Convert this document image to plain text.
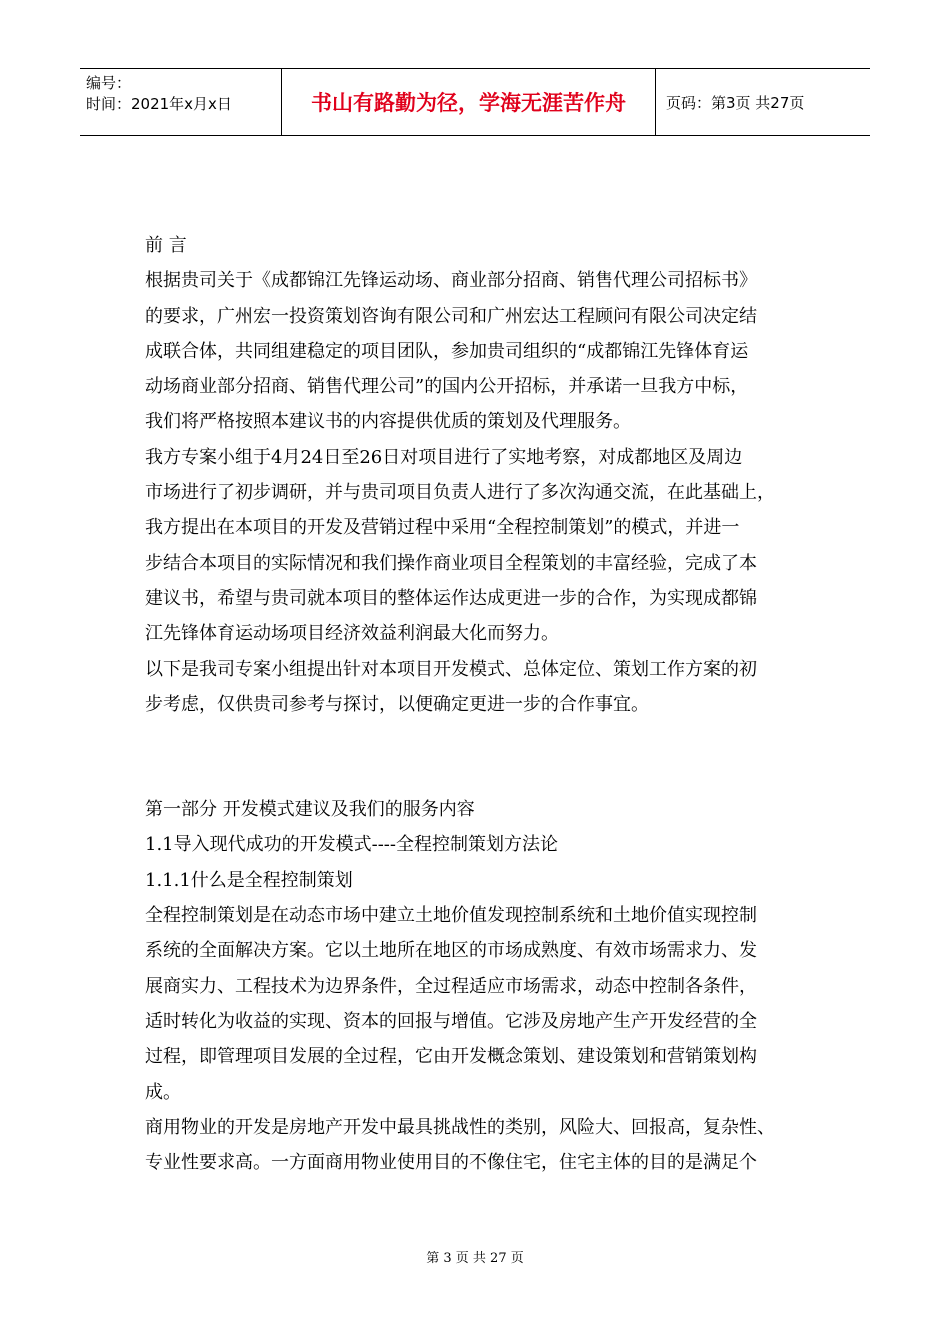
编号：
时间：2021年x月x日	书山有路勤为径，学海无涯苦作舟	页码：第3页 共27页

前 言

根据贵司关于《成都锦江先锋运动场、商业部分招商、销售代理公司招标书》

的要求，广州宏一投资策划咨询有限公司和广州宏达工程顾问有限公司决定结

成联合体，共同组建稳定的项目团队，参加贵司组织的“成都锦江先锋体育运

动场商业部分招商、销售代理公司”的国内公开招标，并承诺一旦我方中标，

我们将严格按照本建议书的内容提供优质的策划及代理服务。

我方专案小组于4月24日至26日对项目进行了实地考察，对成都地区及周边

市场进行了初步调研，并与贵司项目负责人进行了多次沟通交流，在此基础上，

我方提出在本项目的开发及营销过程中采用“全程控制策划”的模式，并进一

步结合本项目的实际情况和我们操作商业项目全程策划的丰富经验，完成了本

建议书，希望与贵司就本项目的整体运作达成更进一步的合作，为实现成都锦

江先锋体育运动场项目经济效益利润最大化而努力。

以下是我司专案小组提出针对本项目开发模式、总体定位、策划工作方案的初

步考虑，仅供贵司参考与探讨，以便确定更进一步的合作事宜。

第一部分 开发模式建议及我们的服务内容

1.1导入现代成功的开发模式----全程控制策划方法论

1.1.1什么是全程控制策划

全程控制策划是在动态市场中建立土地价值发现控制系统和土地价值实现控制

系统的全面解决方案。它以土地所在地区的市场成熟度、有效市场需求力、发

展商实力、工程技术为边界条件，全过程适应市场需求，动态中控制各条件，

适时转化为收益的实现、资本的回报与增值。它涉及房地产生产开发经营的全

过程，即管理项目发展的全过程，它由开发概念策划、建设策划和营销策划构

成。

商用物业的开发是房地产开发中最具挑战性的类别，风险大、回报高，复杂性、

专业性要求高。一方面商用物业使用目的不像住宅，住宅主体的目的是满足个

第 3 页 共 27 页
